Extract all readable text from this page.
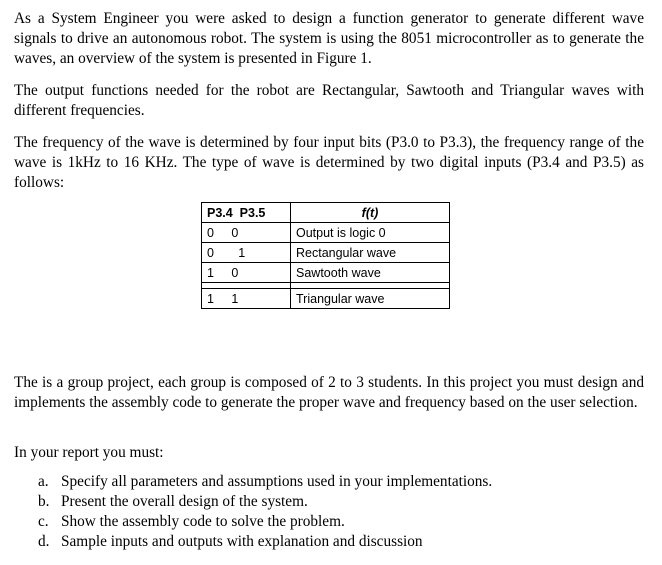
As a System Engineer you were asked to design a function generator to generate different wave signals to drive an autonomous robot. The system is using the 8051 microcontroller as to generate the waves, an overview of the system is presented in Figure 1.

The output functions needed for the robot are Rectangular, Sawtooth and Triangular waves with different frequencies.

The frequency of the wave is determined by four input bits (P3.0 to P3.3), the frequency range of the wave is 1kHz to 16 KHz. The type of wave is determined by two digital inputs (P3.4 and P3.5) as follows:

P3.4  P3.5	f(t)
0     0	Output is logic 0
0       1	Rectangular wave
1     0	Sawtooth wave

1     1	Triangular wave

The is a group project, each group is composed of 2 to 3 students. In this project you must design and implements the assembly code to generate the proper wave and frequency based on the user selection.

In your report you must:

a. Specify all parameters and assumptions used in your implementations.
b. Present the overall design of the system.
c. Show the assembly code to solve the problem.
d. Sample inputs and outputs with explanation and discussion
